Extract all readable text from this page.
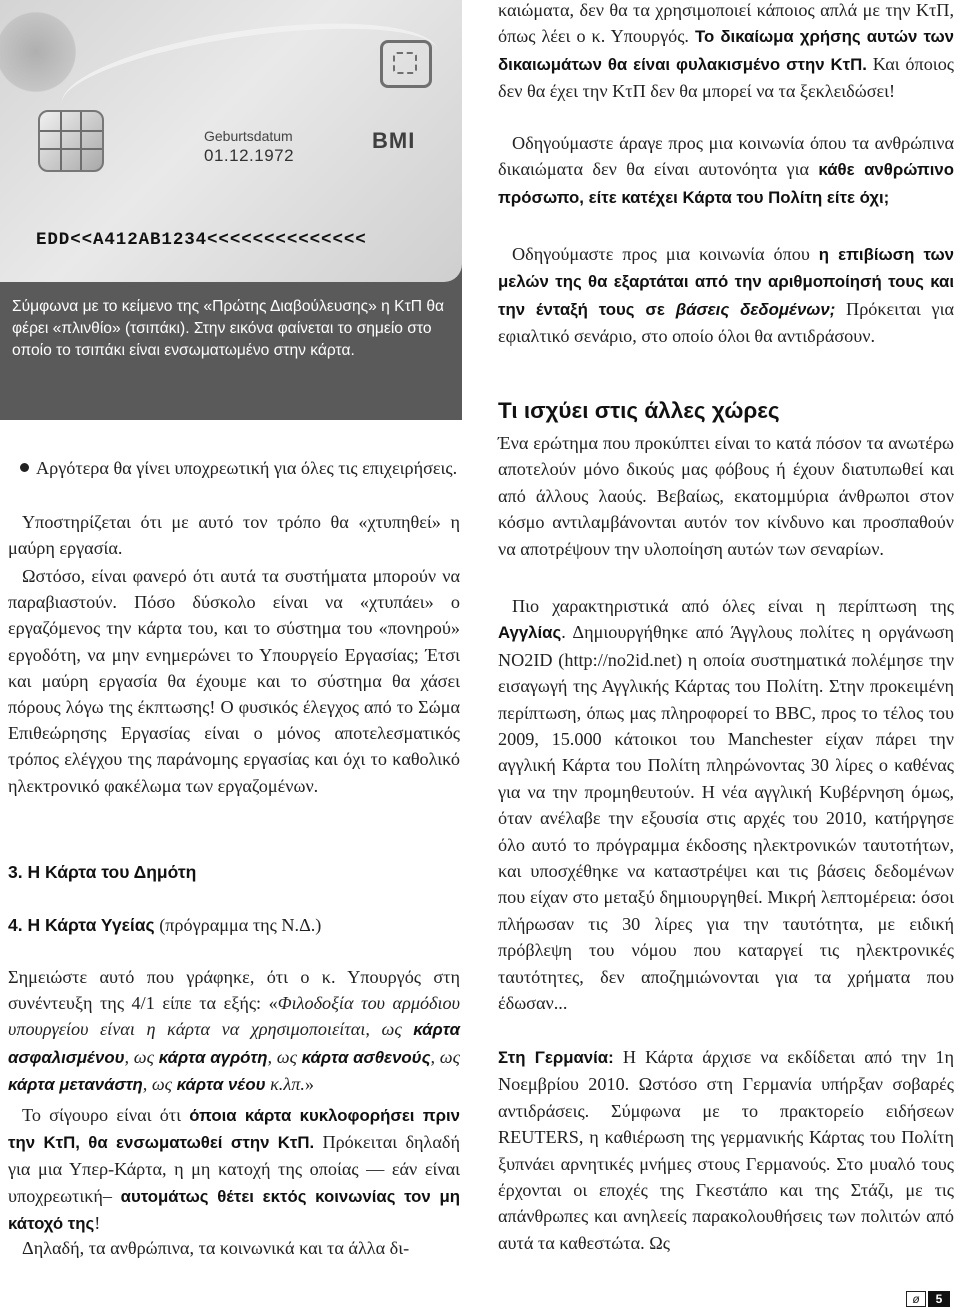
Geburtsdatum
01.12.1972
BMI

EDD<<A412AB1234<<<<<<<<<<<<<<

Σύμφωνα με το κείμενο της «Πρώτης Διαβούλευσης» η ΚτΠ θα φέρει «πλινθίο» (τσιπάκι). Στην εικόνα φαίνεται το σημείο στο οποίο το τσιπάκι είναι ενσωματωμένο στην κάρτα.

Αργότερα θα γίνει υποχρεωτική για όλες τις επιχειρήσεις.

Υποστηρίζεται ότι με αυτό τον τρόπο θα «χτυπηθεί» η μαύρη εργασία.

Ωστόσο, είναι φανερό ότι αυτά τα συστήματα μπορούν να παραβιαστούν. Πόσο δύσκολο είναι να «χτυπάει» ο εργαζόμενος την κάρτα του, και το σύστημα του «πονηρού» εργοδότη, να μην ενημερώνει το Υπουργείο Εργασίας; Έτσι και μαύρη εργασία θα έχουμε και το σύστημα θα χάσει πόρους λόγω της έκπτωσης! Ο φυσικός έλεγχος από το Σώμα Επιθεώρησης Εργασίας είναι ο μόνος αποτελεσματικός τρόπος ελέγχου της παράνομης εργασίας και όχι το καθολικό ηλεκτρονικό φακέλωμα των εργαζομένων.

3. Η Κάρτα του Δημότη

4. Η Κάρτα Υγείας (πρόγραμμα της Ν.Δ.)

Σημειώστε αυτό που γράφηκε, ότι ο κ. Υπουργός στη συνέντευξη της 4/1 είπε τα εξής: «Φιλοδοξία του αρμόδιου υπουργείου είναι η κάρτα να χρησιμοποιείται, ως κάρτα ασφαλισμένου, ως κάρτα αγρότη, ως κάρτα ασθενούς, ως κάρτα μετανάστη, ως κάρτα νέου κ.λπ.»

Το σίγουρο είναι ότι όποια κάρτα κυκλοφορήσει πριν την ΚτΠ, θα ενσωματωθεί στην ΚτΠ. Πρόκειται δηλαδή για μια Υπερ-Κάρτα, η μη κατοχή της οποίας — εάν είναι υποχρεωτική– αυτομάτως θέτει εκτός κοινωνίας τον μη κάτοχό της!

Δηλαδή, τα ανθρώπινα, τα κοινωνικά και τα άλλα δι-

καιώματα, δεν θα τα χρησιμοποιεί κάποιος απλά με την ΚτΠ, όπως λέει ο κ. Υπουργός. Το δικαίωμα χρήσης αυτών των δικαιωμάτων θα είναι φυλακισμένο στην ΚτΠ. Και όποιος δεν θα έχει την ΚτΠ δεν θα μπορεί να τα ξεκλειδώσει!

Οδηγούμαστε άραγε προς μια κοινωνία όπου τα ανθρώπινα δικαιώματα δεν θα είναι αυτονόητα για κάθε ανθρώπινο πρόσωπο, είτε κατέχει Κάρτα του Πολίτη είτε όχι;

Οδηγούμαστε προς μια κοινωνία όπου η επιβίωση των μελών της θα εξαρτάται από την αριθμοποίησή τους και την ένταξή τους σε βάσεις δεδομένων; Πρόκειται για εφιαλτικό σενάριο, στο οποίο όλοι θα αντιδράσουν.

Τι ισχύει στις άλλες χώρες

Ένα ερώτημα που προκύπτει είναι το κατά πόσον τα ανωτέρω αποτελούν μόνο δικούς μας φόβους ή έχουν διατυπωθεί και από άλλους λαούς. Βεβαίως, εκατομμύρια άνθρωποι στον κόσμο αντιλαμβάνονται αυτόν τον κίνδυνο και προσπαθούν να αποτρέψουν την υλοποίηση αυτών των σεναρίων.

Πιο χαρακτηριστικά από όλες είναι η περίπτωση της Αγγλίας. Δημιουργήθηκε από Άγγλους πολίτες η οργάνωση NO2ID (http://no2id.net) η οποία συστηματικά πολέμησε την εισαγωγή της Αγγλικής Κάρτας του Πολίτη. Στην προκειμένη περίπτωση, όπως μας πληροφορεί το BBC, προς το τέλος του 2009, 15.000 κάτοικοι του Manchester είχαν πάρει την αγγλική Κάρτα του Πολίτη πληρώνοντας 30 λίρες ο καθένας για να την προμηθευτούν. Η νέα αγγλική Κυβέρνηση όμως, όταν ανέλαβε την εξουσία στις αρχές του 2010, κατήργησε όλο αυτό το πρόγραμμα έκδοσης ηλεκτρονικών ταυτοτήτων, και υποσχέθηκε να καταστρέψει και τις βάσεις δεδομένων που είχαν στο μεταξύ δημιουργηθεί. Μικρή λεπτομέρεια: όσοι πλήρωσαν τις 30 λίρες για την ταυτότητα, με ειδική πρόβλεψη του νόμου που καταργεί τις ηλεκτρονικές ταυτότητες, δεν αποζημιώνονται για τα χρήματα που έδωσαν...

Στη Γερμανία: Η Κάρτα άρχισε να εκδίδεται από την 1η Νοεμβρίου 2010. Ωστόσο στη Γερμανία υπήρξαν σοβαρές αντιδράσεις. Σύμφωνα με το πρακτορείο ειδήσεων REUTERS, η καθιέρωση της γερμανικής Κάρτας του Πολίτη ξυπνάει αρνητικές μνήμες στους Γερμανούς. Στο μυαλό τους έρχονται οι εποχές της Γκεστάπο και της Στάζι, με τις απάνθρωπες και ανηλεείς παρακολουθήσεις των πολιτών από αυτά τα καθεστώτα. Ως

ø	5
